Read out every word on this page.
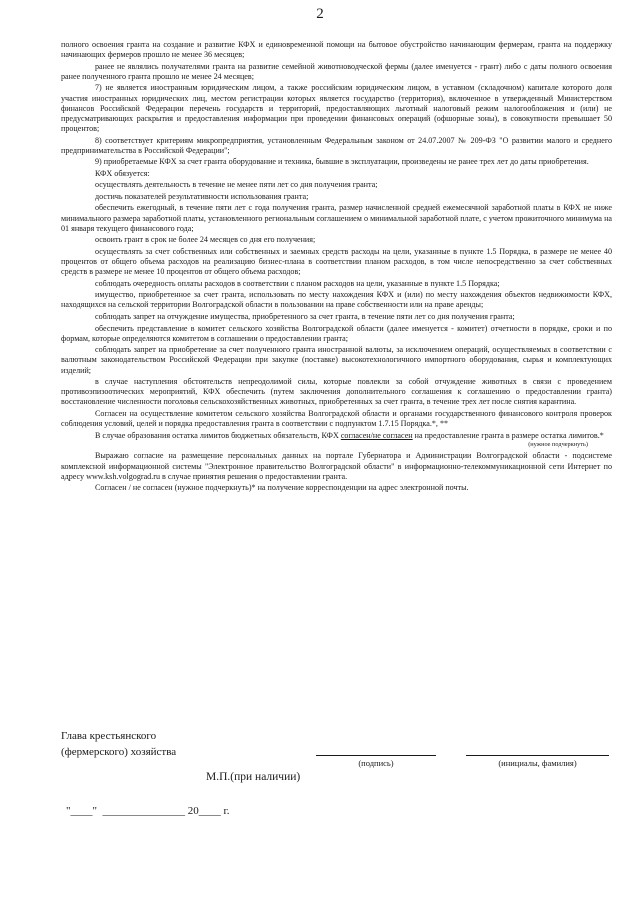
2

полного освоения гранта на создание и развитие КФХ и единовременной помощи на бытовое обустройство начинающим фермерам, гранта на поддержку начинающих фермеров прошло не менее 36 месяцев;

ранее не являлись получателями гранта на развитие семейной животноводческой фермы (далее именуется - грант) либо с даты полного освоения ранее полученного гранта прошло не менее 24 месяцев;

7) не является иностранным юридическим лицом, а также российским юридическим лицом, в уставном (складочном) капитале которого доля участия иностранных юридических лиц, местом регистрации которых является государство (территория), включенное в утвержденный Министерством финансов Российской Федерации перечень государств и территорий, предоставляющих льготный налоговый режим налогообложения и (или) не предусматривающих раскрытия и предоставления информации при проведении финансовых операций (офшорные зоны), в совокупности превышает 50 процентов;

8) соответствует критериям микропредприятия, установленным Федеральным законом от 24.07.2007 № 209-ФЗ "О развитии малого и среднего предпринимательства в Российской Федерации";

9) приобретаемые КФХ за счет гранта оборудование и техника, бывшие в эксплуатации, произведены не ранее трех лет до даты приобретения.

КФХ обязуется:

осуществлять деятельность в течение не менее пяти лет со дня получения гранта;

достичь показателей результативности использования гранта;

обеспечить ежегодный, в течение пяти лет с года получения гранта, размер начисленной средней ежемесячной заработной платы в КФХ не ниже минимального размера заработной платы, установленного региональным соглашением о минимальной заработной плате, с учетом прожиточного минимума на 01 января текущего финансового года;

освоить грант в срок не более 24 месяцев со дня его получения;

осуществлять за счет собственных или собственных и заемных средств расходы на цели, указанные в пункте 1.5 Порядка, в размере не менее 40 процентов от общего объема расходов на реализацию бизнес-плана в соответствии планом расходов, в том числе непосредственно за счет собственных средств в размере не менее 10 процентов от общего объема расходов;

соблюдать очередность оплаты расходов в соответствии с планом расходов на цели, указанные в пункте 1.5 Порядка;

имущество, приобретенное за счет гранта, использовать по месту нахождения КФХ и (или) по месту нахождения объектов недвижимости КФХ, находящихся на сельской территории Волгоградской области в пользовании на праве собственности или на праве аренды;

соблюдать запрет на отчуждение имущества, приобретенного за счет гранта, в течение пяти лет со дня получения гранта;

обеспечить представление в комитет сельского хозяйства Волгоградской области (далее именуется - комитет) отчетности в порядке, сроки и по формам, которые определяются комитетом в соглашении о предоставлении гранта;

соблюдать запрет на приобретение за счет полученного гранта иностранной валюты, за исключением операций, осуществляемых в соответствии с валютным законодательством Российской Федерации при закупке (поставке) высокотехнологичного импортного оборудования, сырья и комплектующих изделий;

в случае наступления обстоятельств непреодолимой силы, которые повлекли за собой отчуждение животных в связи с проведением противоэпизоотических мероприятий, КФХ обеспечить (путем заключения дополнительного соглашения к соглашению о предоставлении гранта) восстановление численности поголовья сельскохозяйственных животных, приобретенных за счет гранта, в течение трех лет после снятия карантина.

Согласен на осуществление комитетом сельского хозяйства Волгоградской области и органами государственного финансового контроля проверок соблюдения условий, целей и порядка предоставления гранта в соответствии с подпунктом 1.7.15 Порядка.*, **

В случае образования остатка лимитов бюджетных обязательств, КФХ согласен/не согласен на предоставление гранта в размере остатка лимитов.*

(нужное подчеркнуть)

Выражаю согласие на размещение персональных данных на портале Губернатора и Администрации Волгоградской области - подсистеме комплексной информационной системы "Электронное правительство Волгоградской области" в информационно-телекоммуникационной сети Интернет по адресу www.ksh.volgograd.ru в случае принятия решения о предоставлении гранта.

Согласен / не согласен (нужное подчеркнуть)* на получение корреспонденции на адрес электронной почты.

Глава крестьянского
(фермерского) хозяйства
(подпись)	(инициалы, фамилия)
М.П.(при наличии)
"____"  _______________ 20____ г.
